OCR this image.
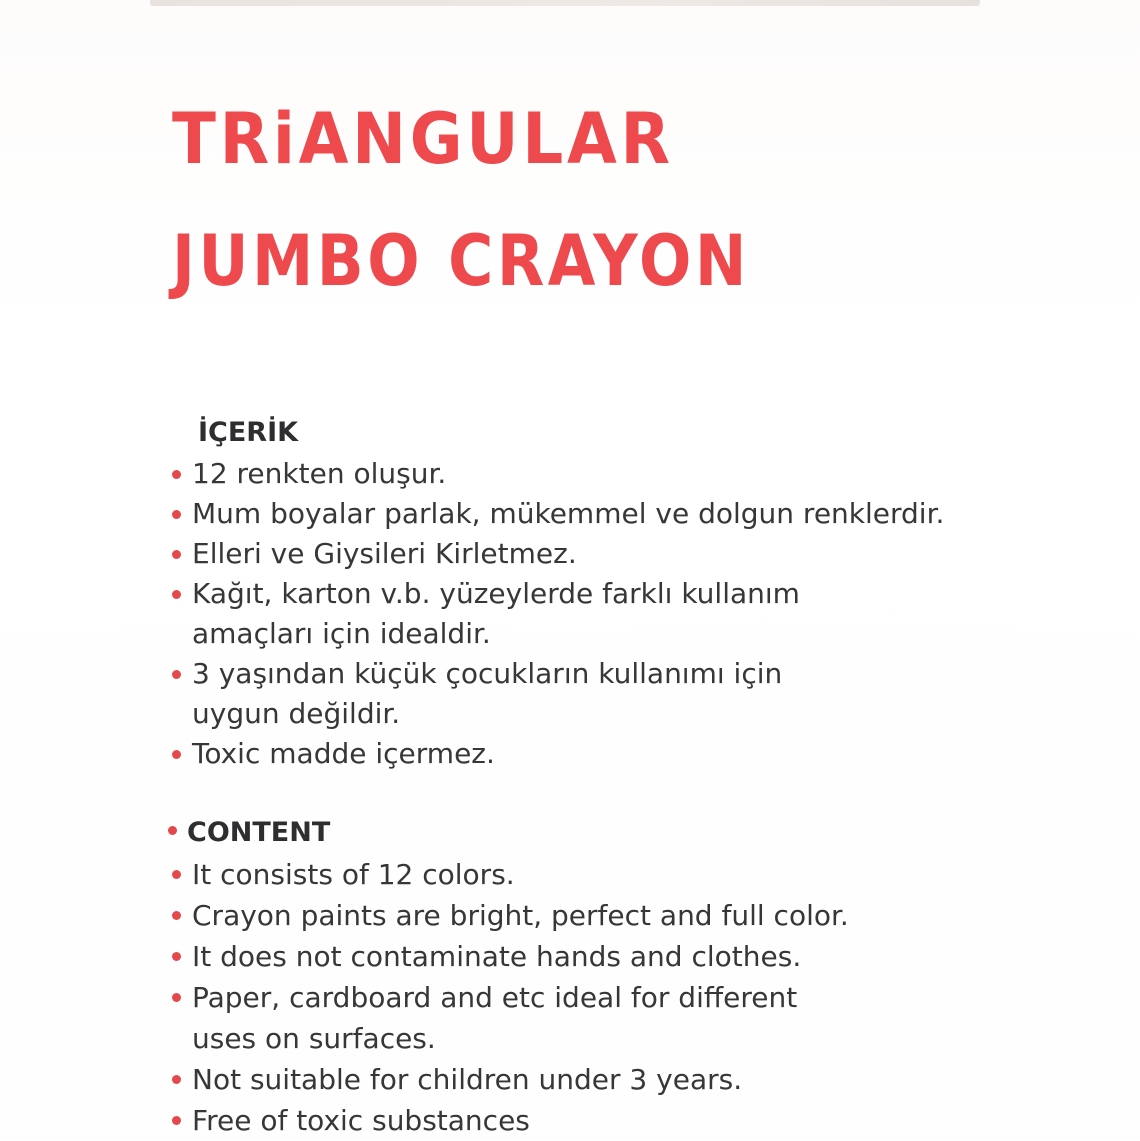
TRiANGULAR
JUMBO CRAYON
İÇERİK
12 renkten oluşur.
Mum boyalar parlak, mükemmel ve dolgun renklerdir.
Elleri ve Giysileri Kirletmez.
Kağıt, karton v.b. yüzeylerde farklı kullanım
amaçları için idealdir.
3 yaşından küçük çocukların kullanımı için
uygun değildir.
Toxic madde içermez.
CONTENT
It consists of 12 colors.
Crayon paints are bright, perfect and full color.
It does not contaminate hands and clothes.
Paper, cardboard and etc ideal for different
uses on surfaces.
Not suitable for children under 3 years.
Free of toxic substances
